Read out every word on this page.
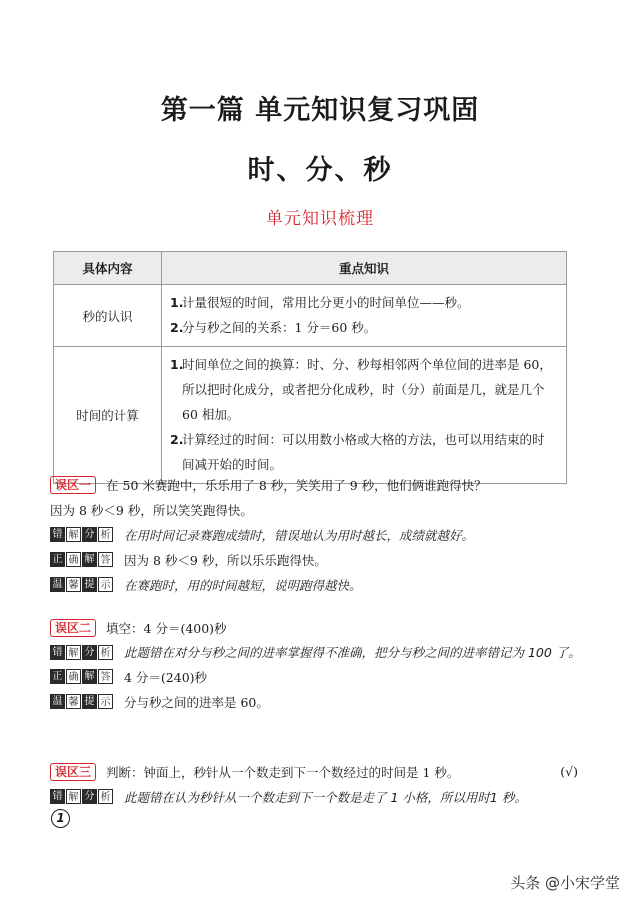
第一篇 单元知识复习巩固
时、分、秒
单元知识梳理
具体内容	重点知识
秒的认识	1.
计量很短的时间，常用比分更小的时间单位——秒。
2.
分与秒之间的关系：1 分＝60 秒。

时间的计算	1.
时间单位之间的换算：时、分、秒每相邻两个单位间的进率是 60，所以把时化成分，或者把分化成秒，时（分）前面是几，就是几个 60 相加。
2.
计算经过的时间：可以用数小格或大格的方法，也可以用结束的时间减开始的时间。
误区一	在 50 米赛跑中，乐乐用了 8 秒，笑笑用了 9 秒，他们俩谁跑得快？
因为 8 秒＜9 秒，所以笑笑跑得快。
错 解 分 析 在用时间记录赛跑成绩时，错误地认为用时越长，成绩就越好。
正 确 解 答 因为 8 秒＜9 秒，所以乐乐跑得快。
温 馨 提 示 在赛跑时，用的时间越短，说明跑得越快。
误区二	填空：4 分＝(400)秒
错 解 分 析 此题错在对分与秒之间的进率掌握得不准确，把分与秒之间的进率错记为 100 了。
正 确 解 答 4 分＝(240)秒
温 馨 提 示 分与秒之间的进率是 60。
误区三	判断：钟面上，秒针从一个数走到下一个数经过的时间是 1 秒。	(√)
错 解 分 析 此题错在认为秒针从一个数走到下一个数是走了 1 小格，所以用时1 秒。
1
头条 @小宋学堂
